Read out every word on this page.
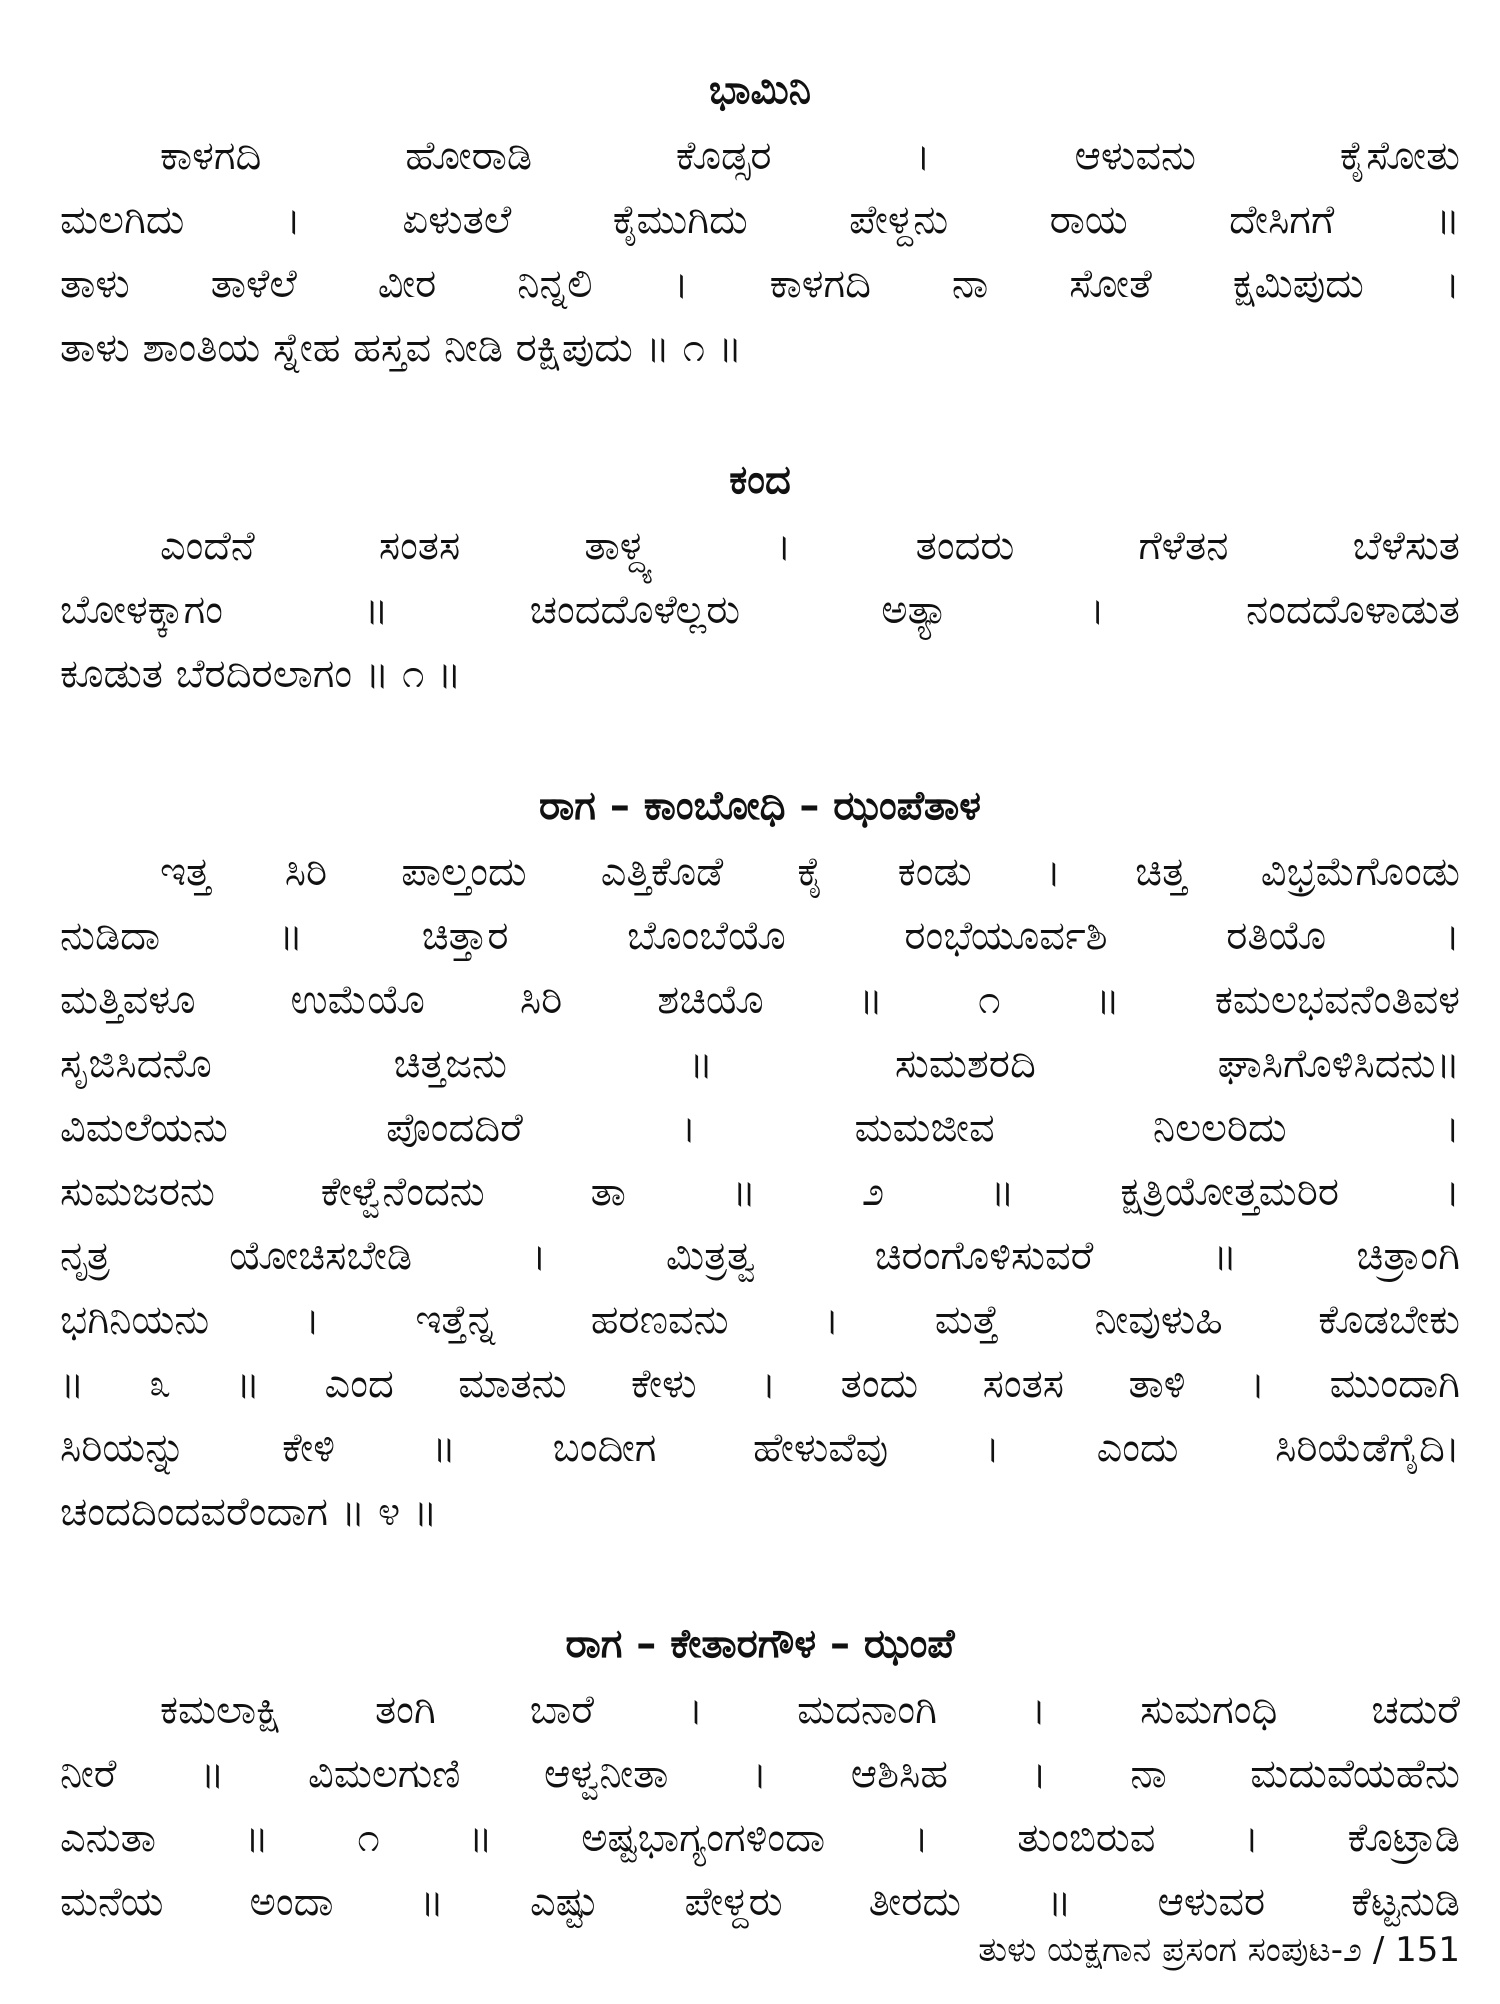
ಭಾಮಿನಿ
ಕಾಳಗದಿ ಹೋರಾಡಿ ಕೊಡ್ಸರ । ಆಳುವನು ಕೈಸೋತು
ಮಲಗಿದು । ಏಳುತಲೆ ಕೈಮುಗಿದು ಪೇಳ್ದನು ರಾಯ ದೇಸಿಗಗೆ ॥
ತಾಳು ತಾಳೆಲೆ ವೀರ ನಿನ್ನಲಿ । ಕಾಳಗದಿ ನಾ ಸೋತೆ ಕ್ಷಮಿಪುದು ।
ತಾಳು ಶಾಂತಿಯ ಸ್ನೇಹ ಹಸ್ತವ ನೀಡಿ ರಕ್ಷಿಪುದು ॥ ೧ ॥
ಕಂದ
ಎಂದೆನೆ ಸಂತಸ ತಾಳ್ದ್ಯ । ತಂದರು ಗೆಳೆತನ ಬೆಳೆಸುತ
ಬೋಳಕ್ಕಾಗಂ ॥ ಚಂದದೊಳೆಲ್ಲರು ಅತ್ಯಾ । ನಂದದೊಳಾಡುತ
ಕೂಡುತ ಬೆರದಿರಲಾಗಂ ॥ ೧ ॥
ರಾಗ – ಕಾಂಬೋಧಿ – ಝಂಪೆತಾಳ
ಇತ್ತ ಸಿರಿ ಪಾಲ್ತಂದು ಎತ್ತಿಕೊಡೆ ಕೈ ಕಂಡು । ಚಿತ್ತ ವಿಭ್ರಮೆಗೊಂಡು
ನುಡಿದಾ ॥ ಚಿತ್ತಾರ ಬೊಂಬೆಯೊ ರಂಭೆಯೂರ್ವಶಿ ರತಿಯೊ ।
ಮತ್ತಿವಳೂ ಉಮೆಯೊ ಸಿರಿ ಶಚಿಯೊ ॥ ೧ ॥ ಕಮಲಭವನೆಂತಿವಳ
ಸೃಜಿಸಿದನೊ ಚಿತ್ತಜನು ॥ ಸುಮಶರದಿ ಘಾಸಿಗೊಳಿಸಿದನು॥
ವಿಮಲೆಯನು ಪೊಂದದಿರೆ । ಮಮಜೀವ ನಿಲಲರಿದು ।
ಸುಮಜರನು ಕೇಳ್ವೆನೆಂದನು ತಾ ॥ ೨ ॥ ಕ್ಷತ್ರಿಯೋತ್ತಮರಿರ ।
ನೃತ್ರ ಯೋಚಿಸಬೇಡಿ । ಮಿತ್ರತ್ವ ಚಿರಂಗೊಳಿಸುವರೆ ॥ ಚಿತ್ರಾಂಗಿ
ಭಗಿನಿಯನು । ಇತ್ತೆನ್ನ ಹರಣವನು । ಮತ್ತೆ ನೀವುಳುಹಿ ಕೊಡಬೇಕು
॥ ೩ ॥ ಎಂದ ಮಾತನು ಕೇಳು । ತಂದು ಸಂತಸ ತಾಳಿ । ಮುಂದಾಗಿ
ಸಿರಿಯನ್ನು ಕೇಳಿ ॥ ಬಂದೀಗ ಹೇಳುವೆವು । ಎಂದು ಸಿರಿಯೆಡೆಗೈದಿ।
ಚಂದದಿಂದವರೆಂದಾಗ ॥ ೪ ॥
ರಾಗ – ಕೇತಾರಗೌಳ – ಝಂಪೆ
ಕಮಲಾಕ್ಷಿ ತಂಗಿ ಬಾರೆ । ಮದನಾಂಗಿ । ಸುಮಗಂಧಿ ಚದುರೆ
ನೀರೆ ॥ ವಿಮಲಗುಣಿ ಆಳ್ವನೀತಾ । ಆಶಿಸಿಹ । ನಾ ಮದುವೆಯಹೆನು
ಎನುತಾ ॥ ೧ ॥ ಅಷ್ಟಭಾಗ್ಯಂಗಳಿಂದಾ । ತುಂಬಿರುವ । ಕೊಟ್ರಾಡಿ
ಮನೆಯ ಅಂದಾ ॥ ಎಷ್ಟು ಪೇಳ್ದರು ತೀರದು ॥ ಆಳುವರ ಕೆಟ್ಟನುಡಿ
ತುಳು ಯಕ್ಷಗಾನ ಪ್ರಸಂಗ ಸಂಪುಟ-೨ / 151
